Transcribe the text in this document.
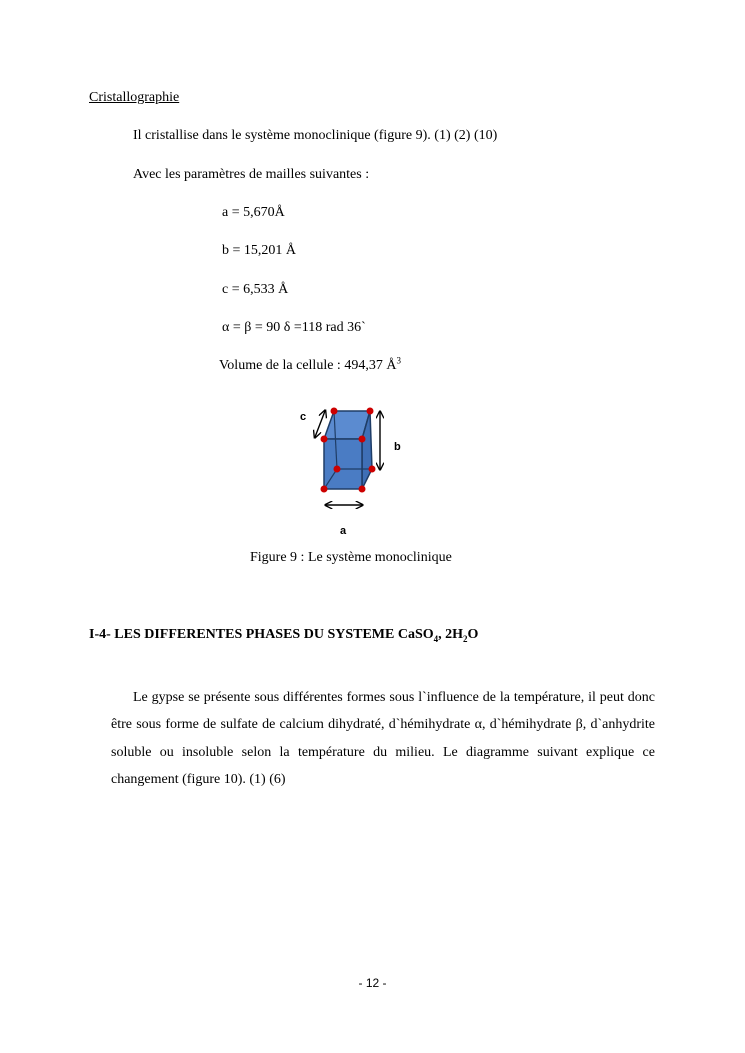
Cristallographie
Il cristallise dans le système monoclinique (figure 9). (1) (2) (10)
Avec les paramètres de mailles suivantes :
a = 5,670Å
b = 15,201 Å
c = 6,533 Å
α = β = 90 δ =118 rad 36`
Volume de la cellule : 494,37 $Å^3$
c
b
a
Figure 9 : Le système monoclinique
I-4- LES DIFFERENTES PHASES DU SYSTEME CaSO$_4$, $2H_2O$
Le gypse se présente sous différentes formes sous l`influence de la température, il peut donc être sous forme de sulfate de calcium dihydraté, d`hémihydrate α, d`hémihydrate β, d`anhydrite soluble ou insoluble selon la température du milieu. Le diagramme suivant explique ce changement (figure 10). (1) (6)
- 12 -
